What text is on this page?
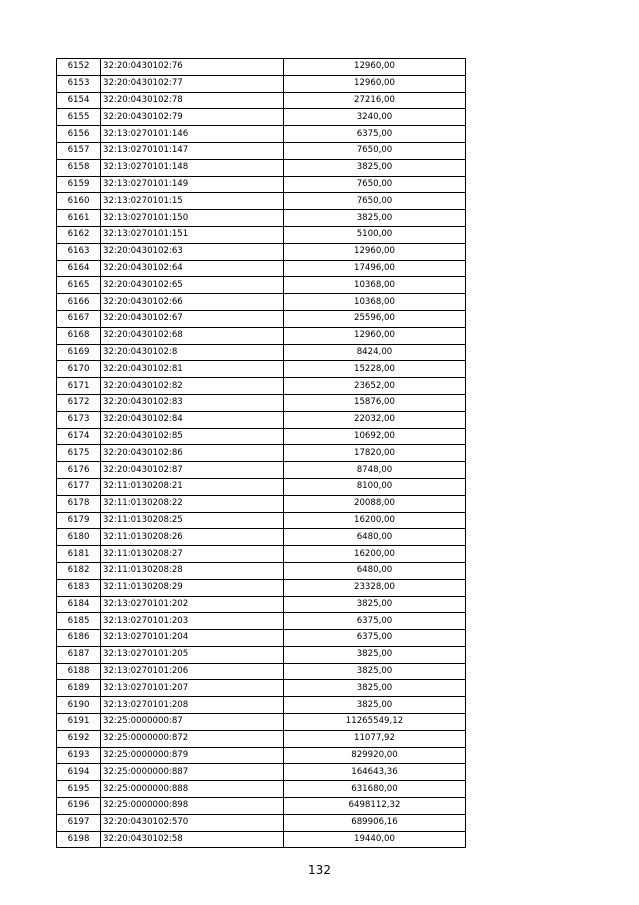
6152	32:20:0430102:76	12960,00
6153	32:20:0430102:77	12960,00
6154	32:20:0430102:78	27216,00
6155	32:20:0430102:79	3240,00
6156	32:13:0270101:146	6375,00
6157	32:13:0270101:147	7650,00
6158	32:13:0270101:148	3825,00
6159	32:13:0270101:149	7650,00
6160	32:13:0270101:15	7650,00
6161	32:13:0270101:150	3825,00
6162	32:13:0270101:151	5100,00
6163	32:20:0430102:63	12960,00
6164	32:20:0430102:64	17496,00
6165	32:20:0430102:65	10368,00
6166	32:20:0430102:66	10368,00
6167	32:20:0430102:67	25596,00
6168	32:20:0430102:68	12960,00
6169	32:20:0430102:8	8424,00
6170	32:20:0430102:81	15228,00
6171	32:20:0430102:82	23652,00
6172	32:20:0430102:83	15876,00
6173	32:20:0430102:84	22032,00
6174	32:20:0430102:85	10692,00
6175	32:20:0430102:86	17820,00
6176	32:20:0430102:87	8748,00
6177	32:11:0130208:21	8100,00
6178	32:11:0130208:22	20088,00
6179	32:11:0130208:25	16200,00
6180	32:11:0130208:26	6480,00
6181	32:11:0130208:27	16200,00
6182	32:11:0130208:28	6480,00
6183	32:11:0130208:29	23328,00
6184	32:13:0270101:202	3825,00
6185	32:13:0270101:203	6375,00
6186	32:13:0270101:204	6375,00
6187	32:13:0270101:205	3825,00
6188	32:13:0270101:206	3825,00
6189	32:13:0270101:207	3825,00
6190	32:13:0270101:208	3825,00
6191	32:25:0000000:87	11265549,12
6192	32:25:0000000:872	11077,92
6193	32:25:0000000:879	829920,00
6194	32:25:0000000:887	164643,36
6195	32:25:0000000:888	631680,00
6196	32:25:0000000:898	6498112,32
6197	32:20:0430102:570	689906,16
6198	32:20:0430102:58	19440,00
132
